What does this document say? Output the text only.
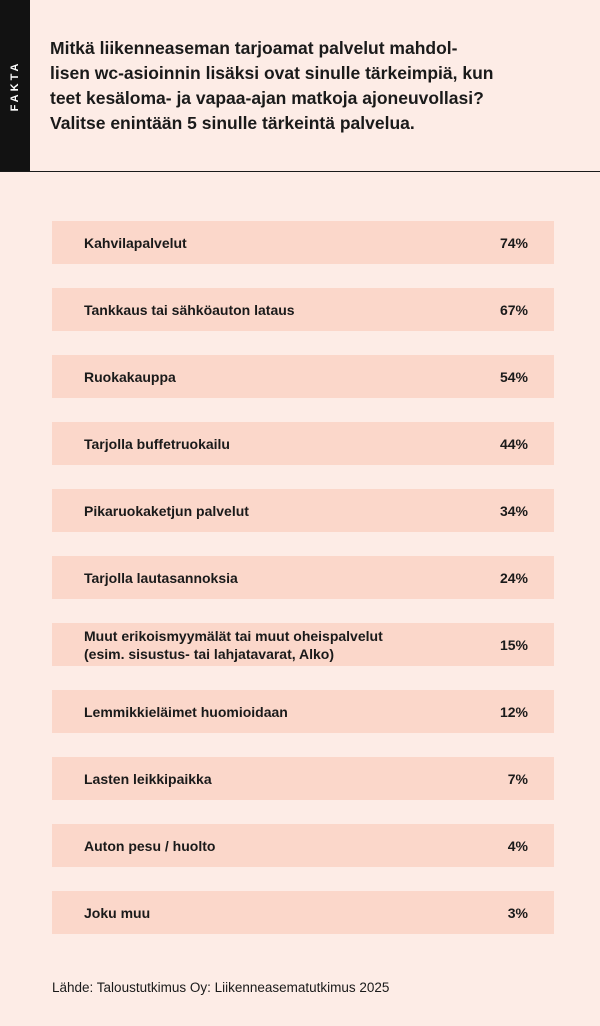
FAKTA

Mitkä liikenneaseman tarjoamat palvelut mahdol-
lisen wc-asioinnin lisäksi ovat sinulle tärkeimpiä, kun
teet kesäloma- ja vapaa-ajan matkoja ajoneuvollasi?
Valitse enintään 5 sinulle tärkeintä palvelua.

Kahvilapalvelut	74%
Tankkaus tai sähköauton lataus	67%
Ruokakauppa	54%
Tarjolla buffetruokailu	44%
Pikaruokaketjun palvelut	34%
Tarjolla lautasannoksia	24%
Muut erikoismyymälät tai muut oheispalvelut
(esim. sisustus- tai lahjatavarat, Alko)
15%
Lemmikkieläimet huomioidaan	12%
Lasten leikkipaikka	7%
Auton pesu / huolto	4%
Joku muu	3%
Lähde: Taloustutkimus Oy: Liikenneasematutkimus 2025
